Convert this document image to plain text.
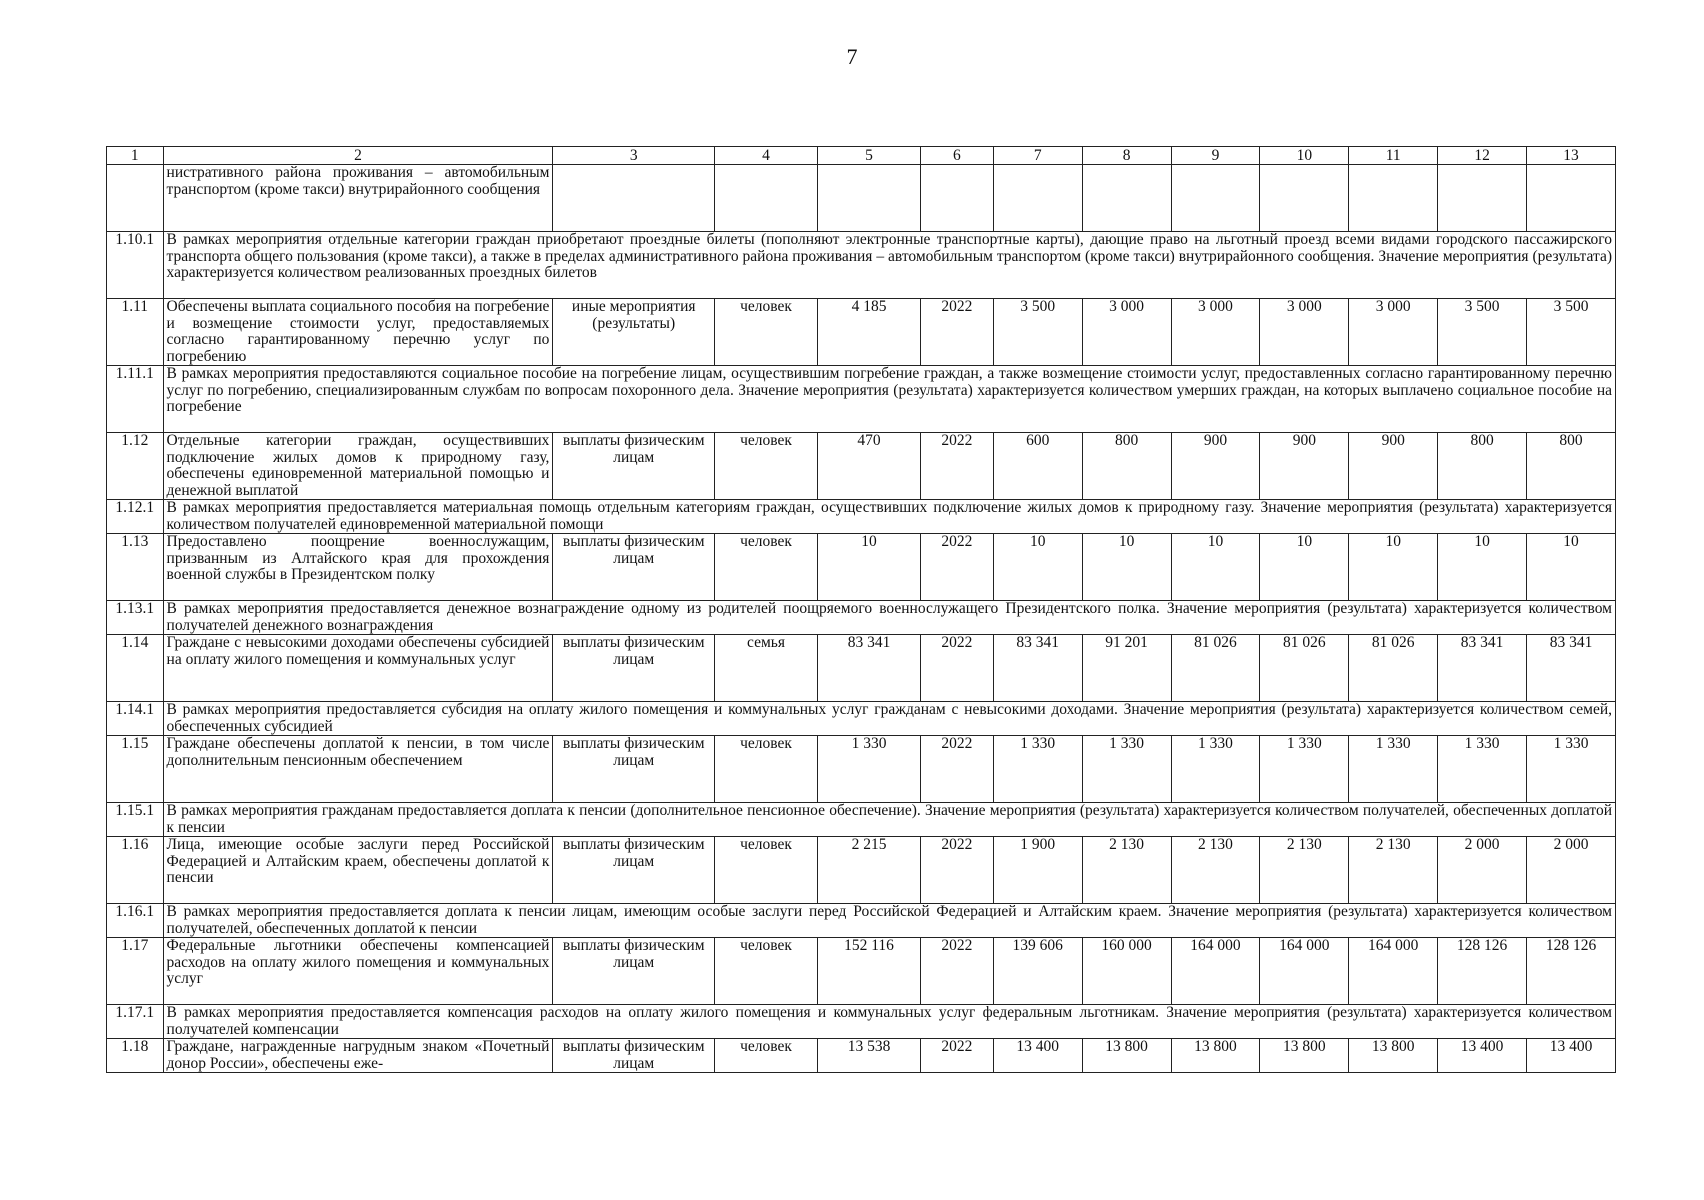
7
1	2	3	4	5	6	7	8	9	10	11	12	13
	нистративного района проживания – автомобильным транспортом (кроме такси) внутрирайонного сообщения											
1.10.1	В рамках мероприятия отдельные категории граждан приобретают проездные билеты (пополняют электронные транспортные карты), дающие право на льготный проезд всеми видами городского пассажирского транспорта общего пользования (кроме такси), а также в пределах административного района проживания – автомобильным транспортом (кроме такси) внутрирайонного сообщения. Значение мероприятия (результата) характеризуется количеством реализованных проездных билетов											
1.11	Обеспечены выплата социального пособия на погребение и возмещение стоимости услуг, предоставляемых согласно гарантированному перечню услуг по погребению	иные мероприятия (результаты)	человек	4 185	2022	3 500	3 000	3 000	3 000	3 000	3 500	3 500
1.11.1	В рамках мероприятия предоставляются социальное пособие на погребение лицам, осуществившим погребение граждан, а также возмещение стоимости услуг, предоставленных согласно гарантированному перечню услуг по погребению, специализированным службам по вопросам похоронного дела. Значение мероприятия (результата) характеризуется количеством умерших граждан, на которых выплачено социальное пособие на погребение											
1.12	Отдельные категории граждан, осуществивших подключение жилых домов к природному газу, обеспечены единовременной материальной помощью и денежной выплатой	выплаты физическим лицам	человек	470	2022	600	800	900	900	900	800	800
1.12.1	В рамках мероприятия предоставляется материальная помощь отдельным категориям граждан, осуществивших подключение жилых домов к природному газу. Значение мероприятия (результата) характеризуется количеством получателей единовременной материальной помощи											
1.13	Предоставлено поощрение военнослужащим, призванным из Алтайского края для прохождения военной службы в Президентском полку	выплаты физическим лицам	человек	10	2022	10	10	10	10	10	10	10
1.13.1	В рамках мероприятия предоставляется денежное вознаграждение одному из родителей поощряемого военнослужащего Президентского полка. Значение мероприятия (результата) характеризуется количеством получателей денежного вознаграждения											
1.14	Граждане с невысокими доходами обеспечены субсидией на оплату жилого помещения и коммунальных услуг	выплаты физическим лицам	семья	83 341	2022	83 341	91 201	81 026	81 026	81 026	83 341	83 341
1.14.1	В рамках мероприятия предоставляется субсидия на оплату жилого помещения и коммунальных услуг гражданам с невысокими доходами. Значение мероприятия (результата) характеризуется количеством семей, обеспеченных субсидией											
1.15	Граждане обеспечены доплатой к пенсии, в том числе дополнительным пенсионным обеспечением	выплаты физическим лицам	человек	1 330	2022	1 330	1 330	1 330	1 330	1 330	1 330	1 330
1.15.1	В рамках мероприятия гражданам предоставляется доплата к пенсии (дополнительное пенсионное обеспечение). Значение мероприятия (результата) характеризуется количеством получателей, обеспеченных доплатой к пенсии											
1.16	Лица, имеющие особые заслуги перед Российской Федерацией и Алтайским краем, обеспечены доплатой к пенсии	выплаты физическим лицам	человек	2 215	2022	1 900	2 130	2 130	2 130	2 130	2 000	2 000
1.16.1	В рамках мероприятия предоставляется доплата к пенсии лицам, имеющим особые заслуги перед Российской Федерацией и Алтайским краем. Значение мероприятия (результата) характеризуется количеством получателей, обеспеченных доплатой к пенсии											
1.17	Федеральные льготники обеспечены компенсацией расходов на оплату жилого помещения и коммунальных услуг	выплаты физическим лицам	человек	152 116	2022	139 606	160 000	164 000	164 000	164 000	128 126	128 126
1.17.1	В рамках мероприятия предоставляется компенсация расходов на оплату жилого помещения и коммунальных услуг федеральным льготникам. Значение мероприятия (результата) характеризуется количеством получателей компенсации											
1.18	Граждане, награжденные нагрудным знаком «Почетный донор России», обеспечены еже-	выплаты физическим лицам	человек	13 538	2022	13 400	13 800	13 800	13 800	13 800	13 400	13 400
